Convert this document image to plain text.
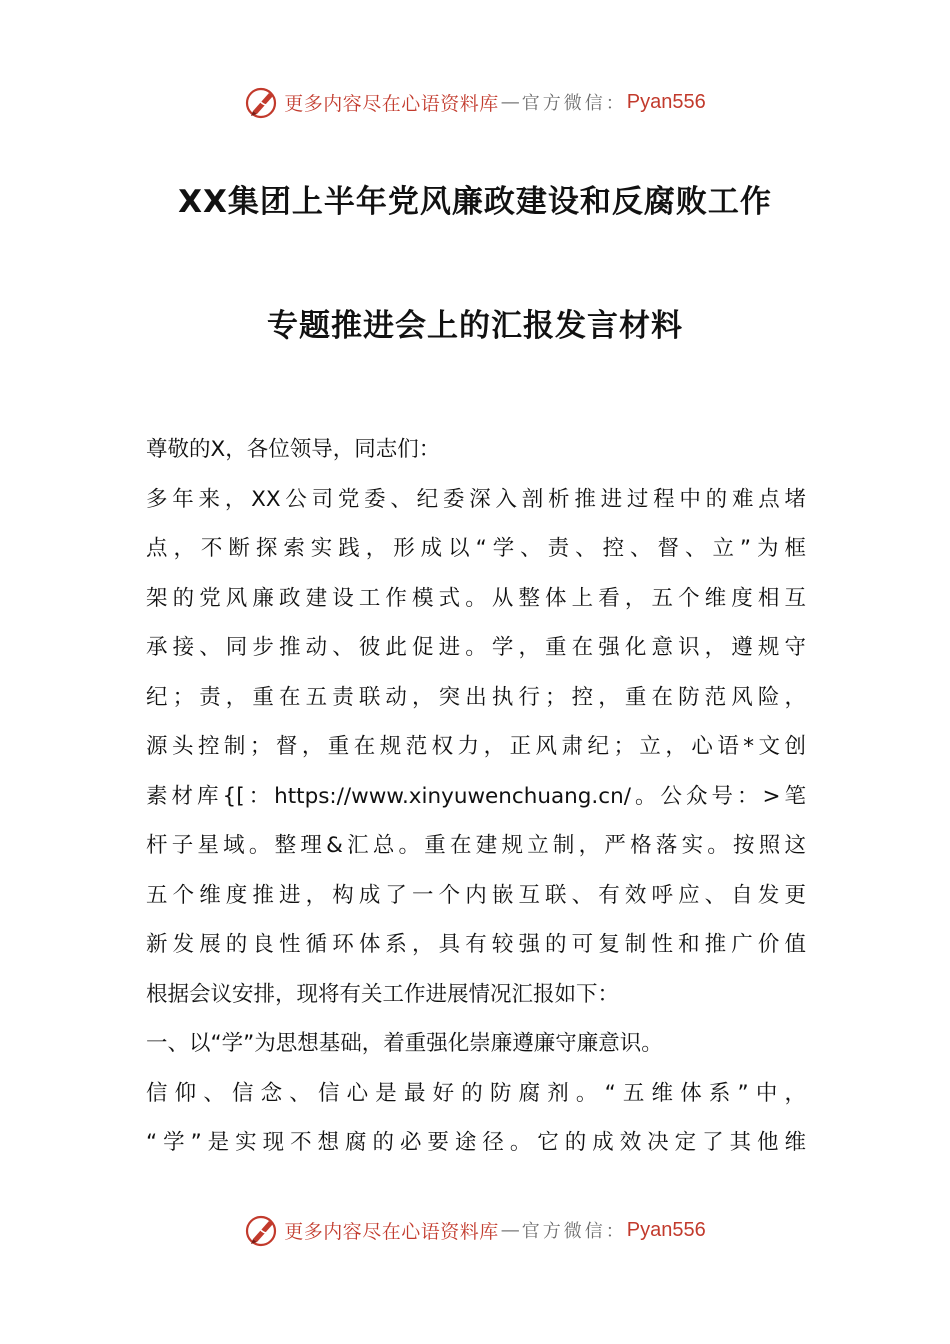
更多内容尽在心语资料库 — 官方微信： Pyan556
XX集团上半年党风廉政建设和反腐败工作
专题推进会上的汇报发言材料
尊敬的X，各位领导，同志们：
多年来，XX公司党委、纪委深入剖析推进过程中的难点堵
点，不断探索实践，形成以“学、责、控、督、立”为框
架的党风廉政建设工作模式。从整体上看，五个维度相互
承接、同步推动、彼此促进。学，重在强化意识，遵规守
纪；责，重在五责联动，突出执行；控，重在防范风险，
源头控制；督，重在规范权力，正风肃纪；立，心语*文创
素材库{[：https://www.xinyuwenchuang.cn/。公众号：>笔
杆子星域。整理&汇总。重在建规立制，严格落实。按照这
五个维度推进，构成了一个内嵌互联、有效呼应、自发更
新发展的良性循环体系，具有较强的可复制性和推广价值
根据会议安排，现将有关工作进展情况汇报如下：
一、以“学”为思想基础，着重强化崇廉遵廉守廉意识。
信仰、信念、信心是最好的防腐剂。“五维体系”中，
“学”是实现不想腐的必要途径。它的成效决定了其他维
更多内容尽在心语资料库 — 官方微信： Pyan556
